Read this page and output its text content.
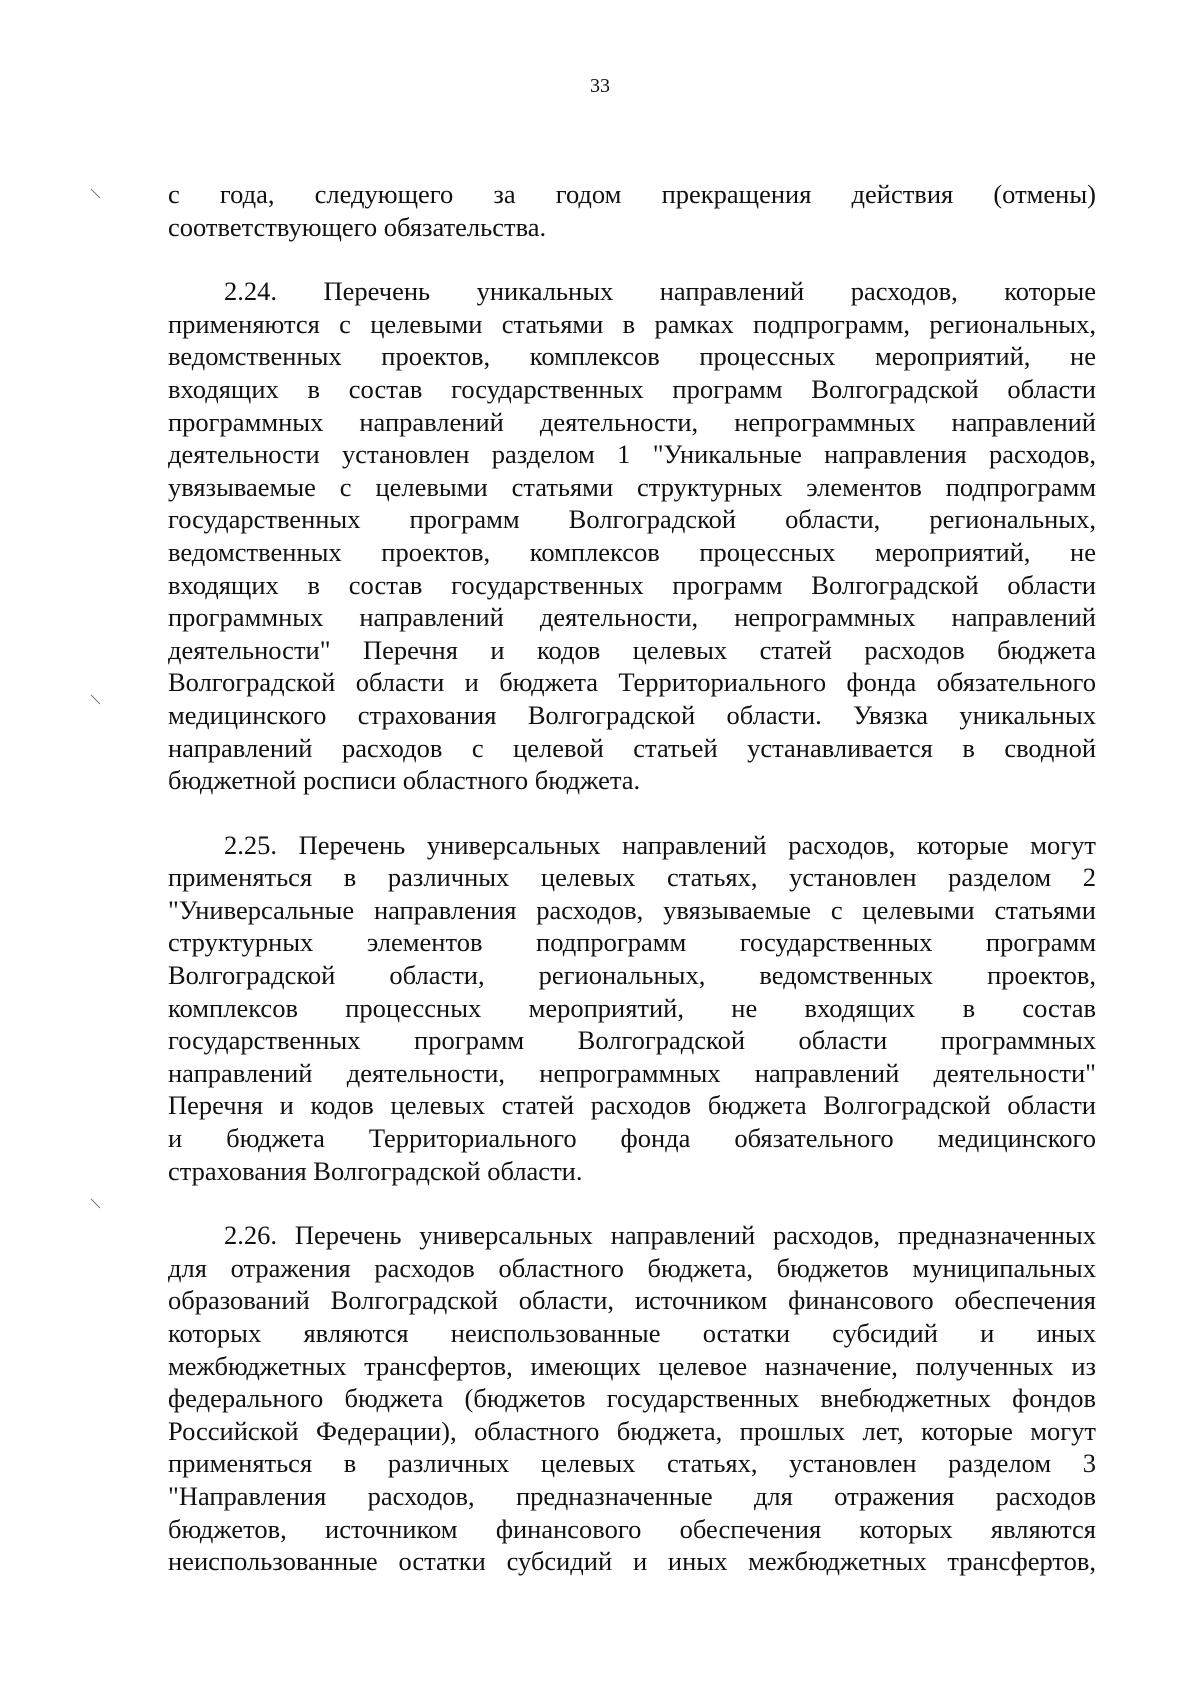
33

с года, следующего за годом прекращения действия (отмены)
соответствующего обязательства.

2.24. Перечень уникальных направлений расходов, которые
применяются с целевыми статьями в рамках подпрограмм, региональных,
ведомственных проектов, комплексов процессных мероприятий, не
входящих в состав государственных программ Волгоградской области
программных направлений деятельности, непрограммных направлений
деятельности установлен разделом 1 "Уникальные направления расходов,
увязываемые с целевыми статьями структурных элементов подпрограмм
государственных программ Волгоградской области, региональных,
ведомственных проектов, комплексов процессных мероприятий, не
входящих в состав государственных программ Волгоградской области
программных направлений деятельности, непрограммных направлений
деятельности" Перечня и кодов целевых статей расходов бюджета
Волгоградской области и бюджета Территориального фонда обязательного
медицинского страхования Волгоградской области. Увязка уникальных
направлений расходов с целевой статьей устанавливается в сводной
бюджетной росписи областного бюджета.

2.25. Перечень универсальных направлений расходов, которые могут
применяться в различных целевых статьях, установлен разделом 2
"Универсальные направления расходов, увязываемые с целевыми статьями
структурных элементов подпрограмм государственных программ
Волгоградской области, региональных, ведомственных проектов,
комплексов процессных мероприятий, не входящих в состав
государственных программ Волгоградской области программных
направлений деятельности, непрограммных направлений деятельности"
Перечня и кодов целевых статей расходов бюджета Волгоградской области
и бюджета Территориального фонда обязательного медицинского
страхования Волгоградской области.

2.26. Перечень универсальных направлений расходов, предназначенных
для отражения расходов областного бюджета, бюджетов муниципальных
образований Волгоградской области, источником финансового обеспечения
которых являются неиспользованные остатки субсидий и иных
межбюджетных трансфертов, имеющих целевое назначение, полученных из
федерального бюджета (бюджетов государственных внебюджетных фондов
Российской Федерации), областного бюджета, прошлых лет, которые могут
применяться в различных целевых статьях, установлен разделом 3
"Направления расходов, предназначенные для отражения расходов
бюджетов, источником финансового обеспечения которых являются
неиспользованные остатки субсидий и иных межбюджетных трансфертов,
